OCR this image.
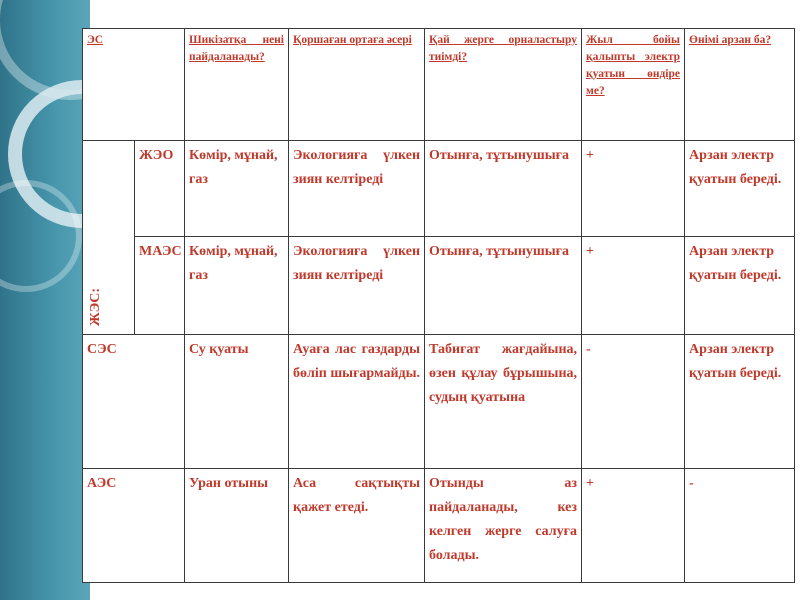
ЭС		Шикізатқа нені пайдаланады?	Қоршаған ортаға әсері	Қай жерге орналастыру тиімді?	Жыл бойы қалыпты электр қуатын өндіре ме?	Өнімі арзан ба?

ЖЭС:	ЖЭО	Көмір, мұнай, газ	Экологияға үлкен зиян келтіреді	Отынға, тұтынушыға	+	Арзан электр қуатын береді.
	МАЭС	Көмір, мұнай, газ	Экологияға үлкен зиян келтіреді	Отынға, тұтынушыға	+	Арзан электр қуатын береді.
СЭС		Су қуаты	Ауаға лас газдарды бөліп шығармайды.	Табиғат жағдайына, өзен құлау бұрышына, судың қуатына	-	Арзан электр қуатын береді.
АЭС		Уран отыны	Аса сақтықты қажет етеді.	Отынды аз пайдаланады, кез келген жерге салуға болады.	+	-
